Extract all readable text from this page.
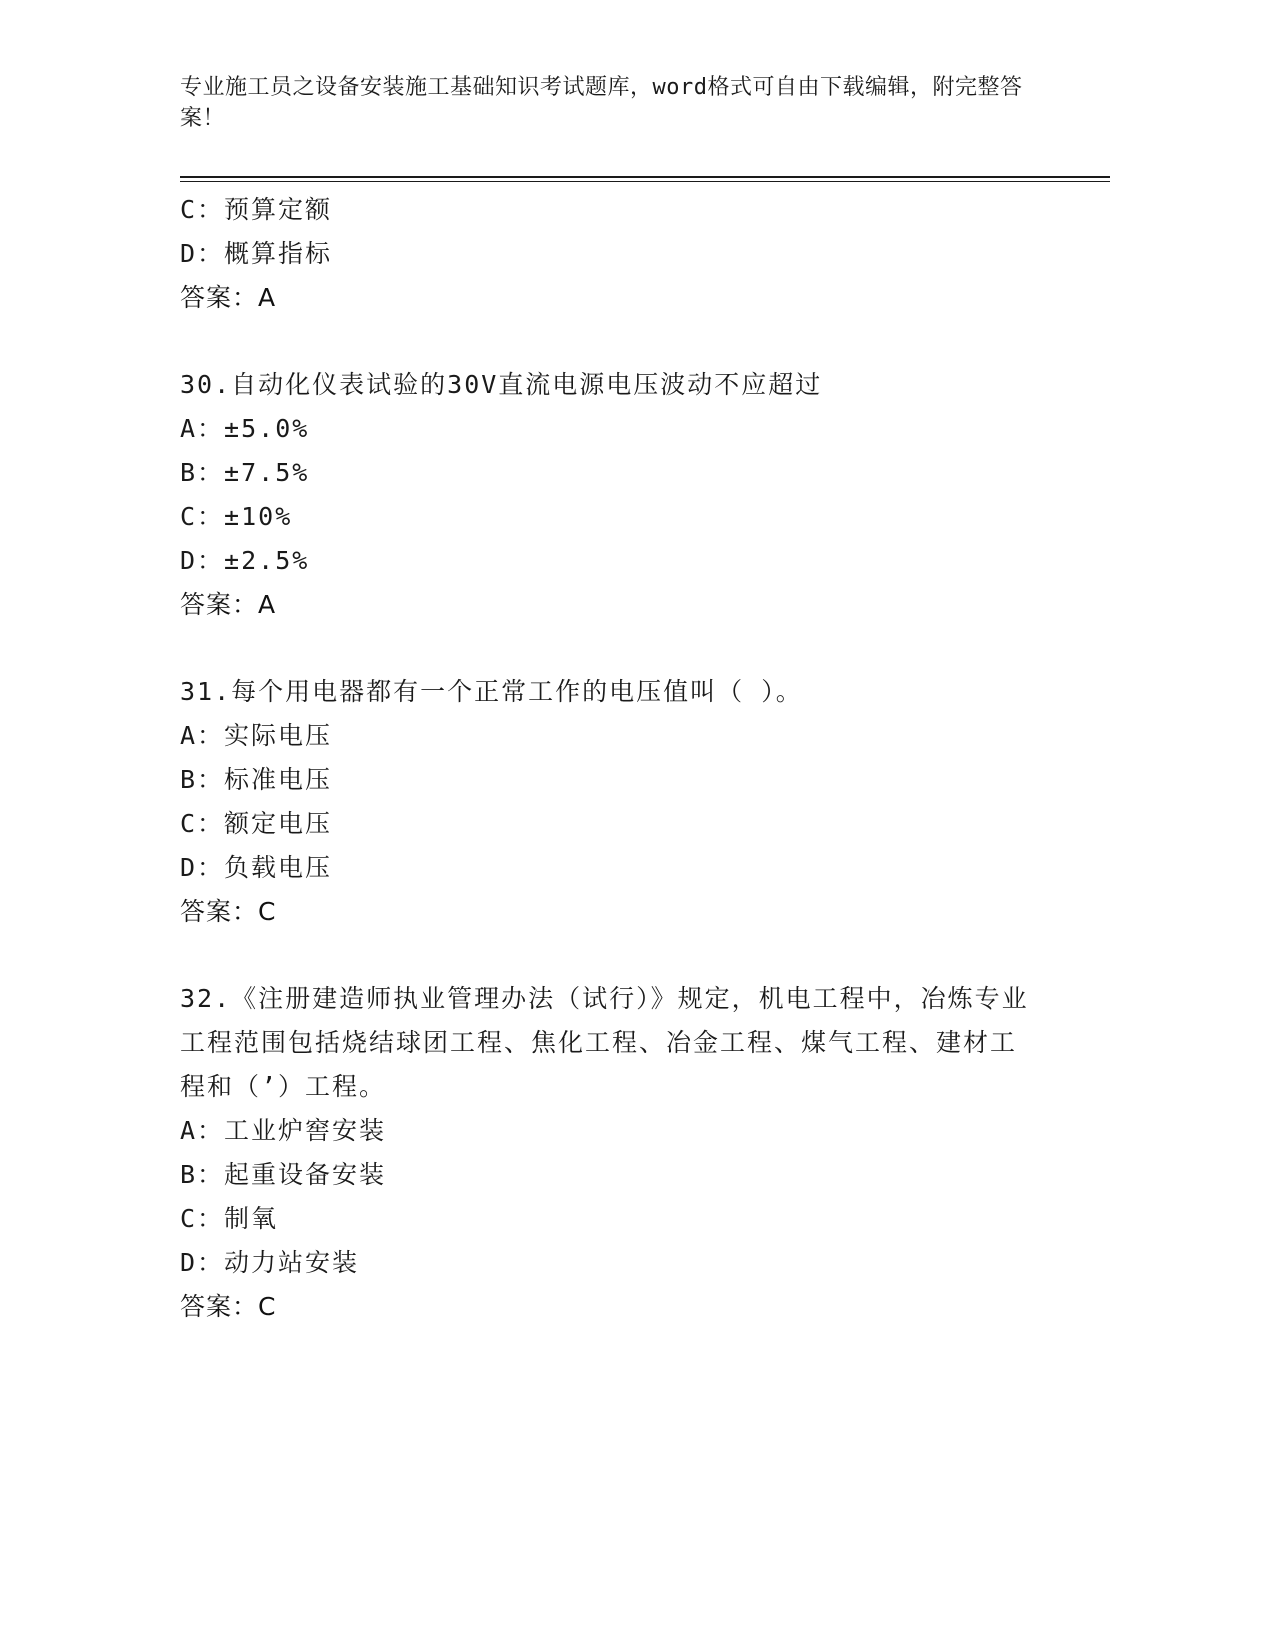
专业施工员之设备安装施工基础知识考试题库，word格式可自由下载编辑，附完整答案！

C：预算定额

D：概算指标

答案：A

30.自动化仪表试验的30V直流电源电压波动不应超过

A：±5.0%

B：±7.5%

C：±10%

D：±2.5%

答案：A

31.每个用电器都有一个正常工作的电压值叫（ ）。

A：实际电压

B：标准电压

C：额定电压

D：负载电压

答案：C

32.《注册建造师执业管理办法（试行）》规定，机电工程中，冶炼专业工程范围包括烧结球团工程、焦化工程、冶金工程、煤气工程、建材工程和（’）工程。

A：工业炉窖安装

B：起重设备安装

C：制氧

D：动力站安装

答案：C
